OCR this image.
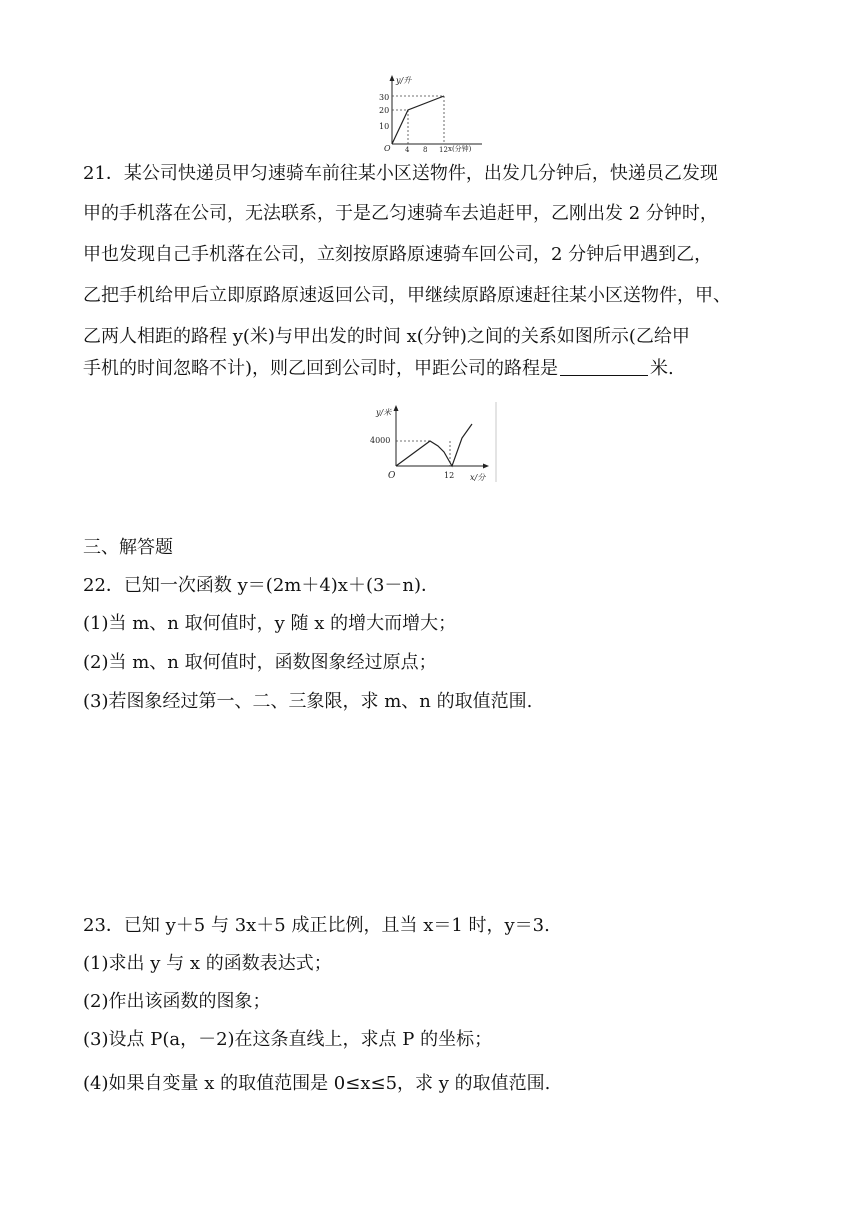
y/升
x(分钟)
O
30
20
10
4 8 12
21．某公司快递员甲匀速骑车前往某小区送物件，出发几分钟后，快递员乙发现
甲的手机落在公司，无法联系，于是乙匀速骑车去追赶甲，乙刚出发 2 分钟时，
甲也发现自己手机落在公司，立刻按原路原速骑车回公司，2 分钟后甲遇到乙，
乙把手机给甲后立即原路原速返回公司，甲继续原路原速赶往某小区送物件，甲、
乙两人相距的路程 y(米)与甲出发的时间 x(分钟)之间的关系如图所示(乙给甲
手机的时间忽略不计)，则乙回到公司时，甲距公司的路程是	米.
y/米
4000
O	12 x/分
三、解答题
22．已知一次函数 y＝(2m＋4)x＋(3－n)．
(1)当 m、n 取何值时，y 随 x 的增大而增大；
(2)当 m、n 取何值时，函数图象经过原点；
(3)若图象经过第一、二、三象限，求 m、n 的取值范围.
23．已知 y＋5 与 3x＋5 成正比例，且当 x＝1 时，y＝3.
(1)求出 y 与 x 的函数表达式；
(2)作出该函数的图象；
(3)设点 P(a，－2)在这条直线上，求点 P 的坐标；
(4)如果自变量 x 的取值范围是 0≤x≤5，求 y 的取值范围.
